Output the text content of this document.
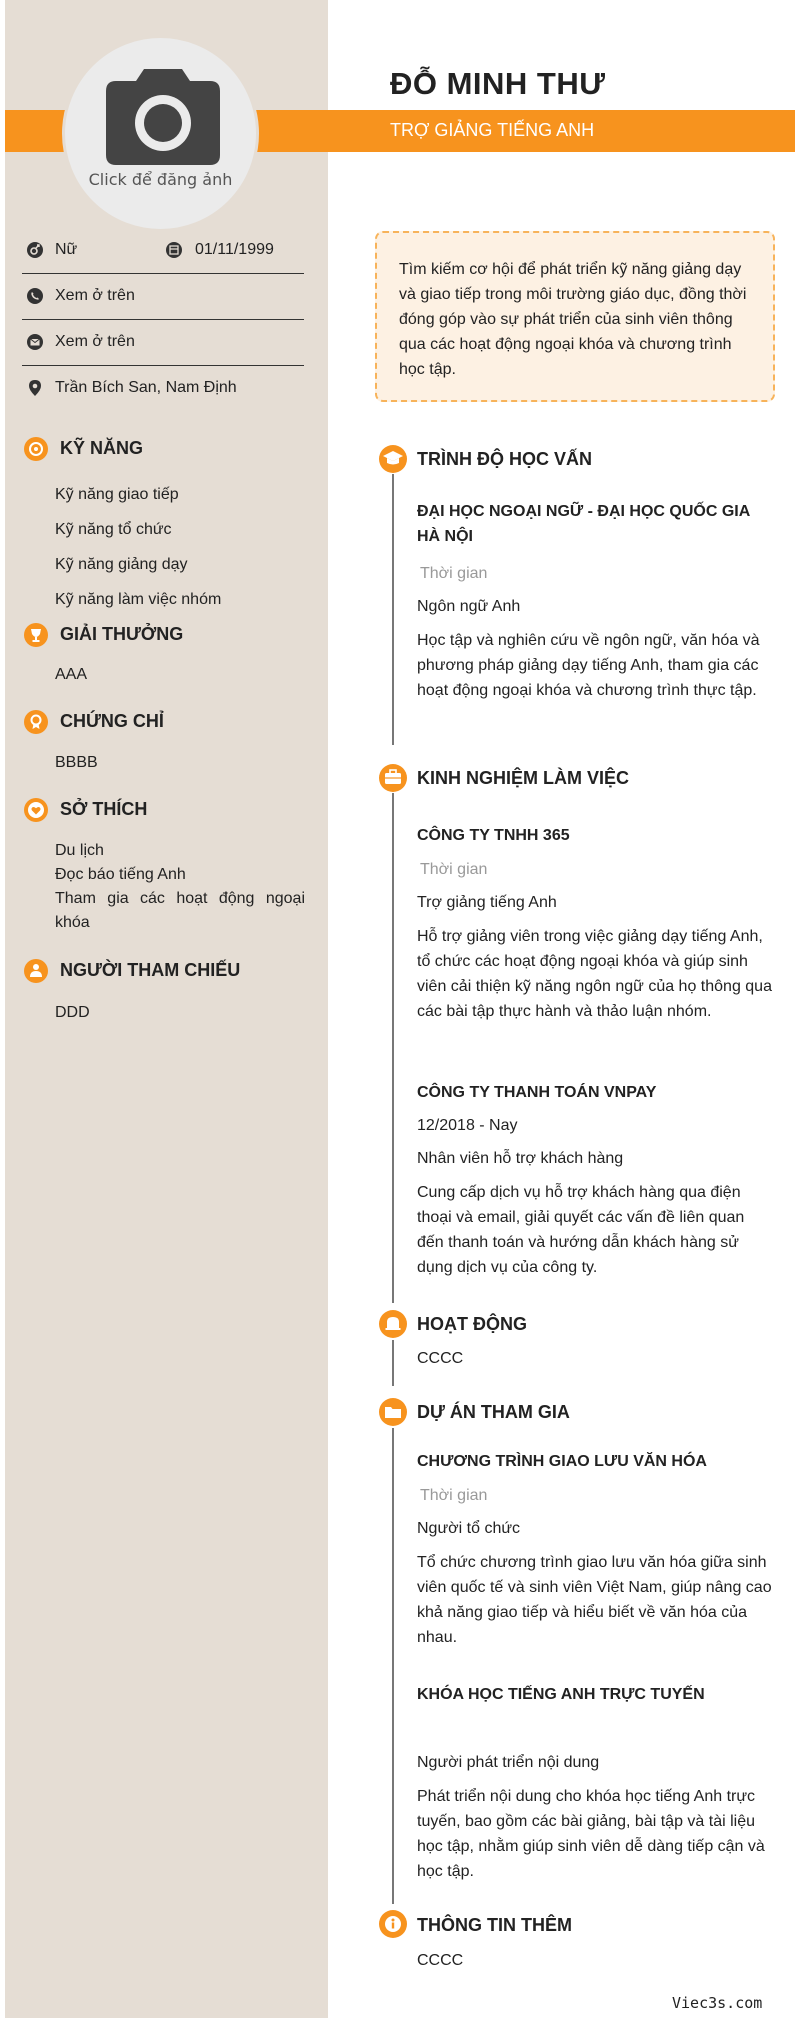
Click để đăng ảnh
ĐỖ MINH THƯ
TRỢ GIẢNG TIẾNG ANH
Nữ	01/11/1999
Xem ở trên
Xem ở trên
Trần Bích San, Nam Định
KỸ NĂNG
Kỹ năng giao tiếp
Kỹ năng tổ chức
Kỹ năng giảng dạy
Kỹ năng làm việc nhóm
GIẢI THƯỞNG
AAA
CHỨNG CHỈ
BBBB
SỞ THÍCH
Du lịch
Đọc báo tiếng Anh
Tham gia các hoạt động ngoại khóa
NGƯỜI THAM CHIẾU
DDD
Tìm kiếm cơ hội để phát triển kỹ năng giảng dạy và giao tiếp trong môi trường giáo dục, đồng thời đóng góp vào sự phát triển của sinh viên thông qua các hoạt động ngoại khóa và chương trình học tập.
TRÌNH ĐỘ HỌC VẤN
ĐẠI HỌC NGOẠI NGỮ - ĐẠI HỌC QUỐC GIA HÀ NỘI
Thời gian
Ngôn ngữ Anh
Học tập và nghiên cứu về ngôn ngữ, văn hóa và phương pháp giảng dạy tiếng Anh, tham gia các hoạt động ngoại khóa và chương trình thực tập.
KINH NGHIỆM LÀM VIỆC
CÔNG TY TNHH 365
Thời gian
Trợ giảng tiếng Anh
Hỗ trợ giảng viên trong việc giảng dạy tiếng Anh, tổ chức các hoạt động ngoại khóa và giúp sinh viên cải thiện kỹ năng ngôn ngữ của họ thông qua các bài tập thực hành và thảo luận nhóm.
CÔNG TY THANH TOÁN VNPAY
12/2018 - Nay
Nhân viên hỗ trợ khách hàng
Cung cấp dịch vụ hỗ trợ khách hàng qua điện thoại và email, giải quyết các vấn đề liên quan đến thanh toán và hướng dẫn khách hàng sử dụng dịch vụ của công ty.
HOẠT ĐỘNG
CCCC
DỰ ÁN THAM GIA
CHƯƠNG TRÌNH GIAO LƯU VĂN HÓA
Thời gian
Người tổ chức
Tổ chức chương trình giao lưu văn hóa giữa sinh viên quốc tế và sinh viên Việt Nam, giúp nâng cao khả năng giao tiếp và hiểu biết về văn hóa của nhau.
KHÓA HỌC TIẾNG ANH TRỰC TUYẾN
Người phát triển nội dung
Phát triển nội dung cho khóa học tiếng Anh trực tuyến, bao gồm các bài giảng, bài tập và tài liệu học tập, nhằm giúp sinh viên dễ dàng tiếp cận và học tập.
THÔNG TIN THÊM
CCCC
Viec3s.com
